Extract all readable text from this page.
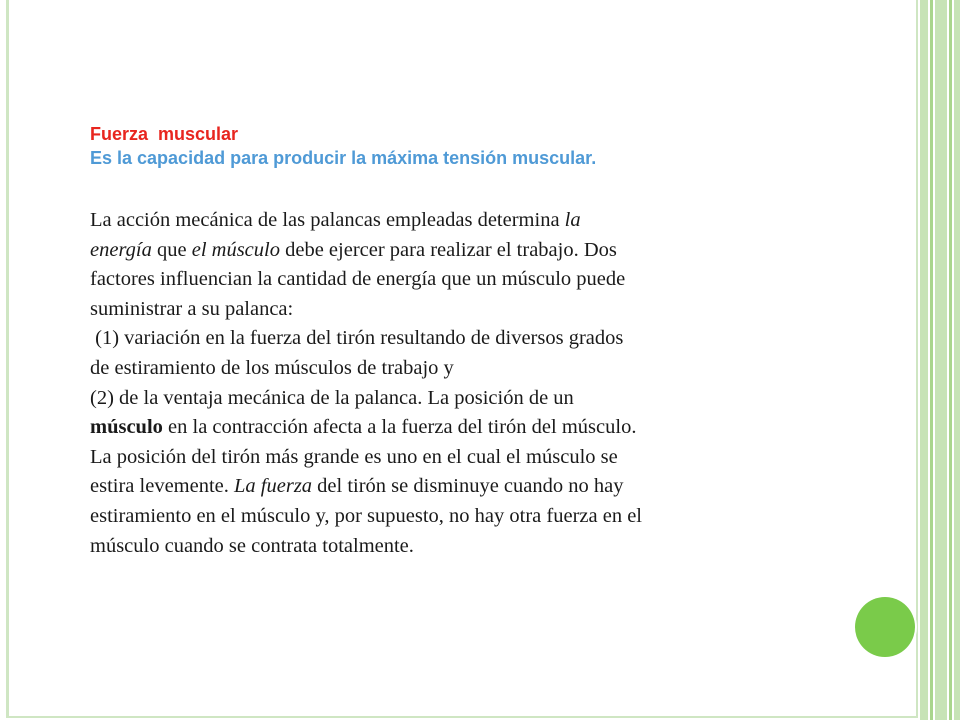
Fuerza  muscular
Es la capacidad para producir la máxima tensión muscular.
La acción mecánica de las palancas empleadas determina la
energía que el músculo debe ejercer para realizar el trabajo. Dos
factores influencian la cantidad de energía que un músculo puede
suministrar a su palanca:
(1) variación en la fuerza del tirón resultando de diversos grados
de estiramiento de los músculos de trabajo y
(2) de la ventaja mecánica de la palanca. La posición de un
músculo en la contracción afecta a la fuerza del tirón del músculo.
La posición del tirón más grande es uno en el cual el músculo se
estira levemente. La fuerza del tirón se disminuye cuando no hay
estiramiento en el músculo y, por supuesto, no hay otra fuerza en el
músculo cuando se contrata totalmente.
